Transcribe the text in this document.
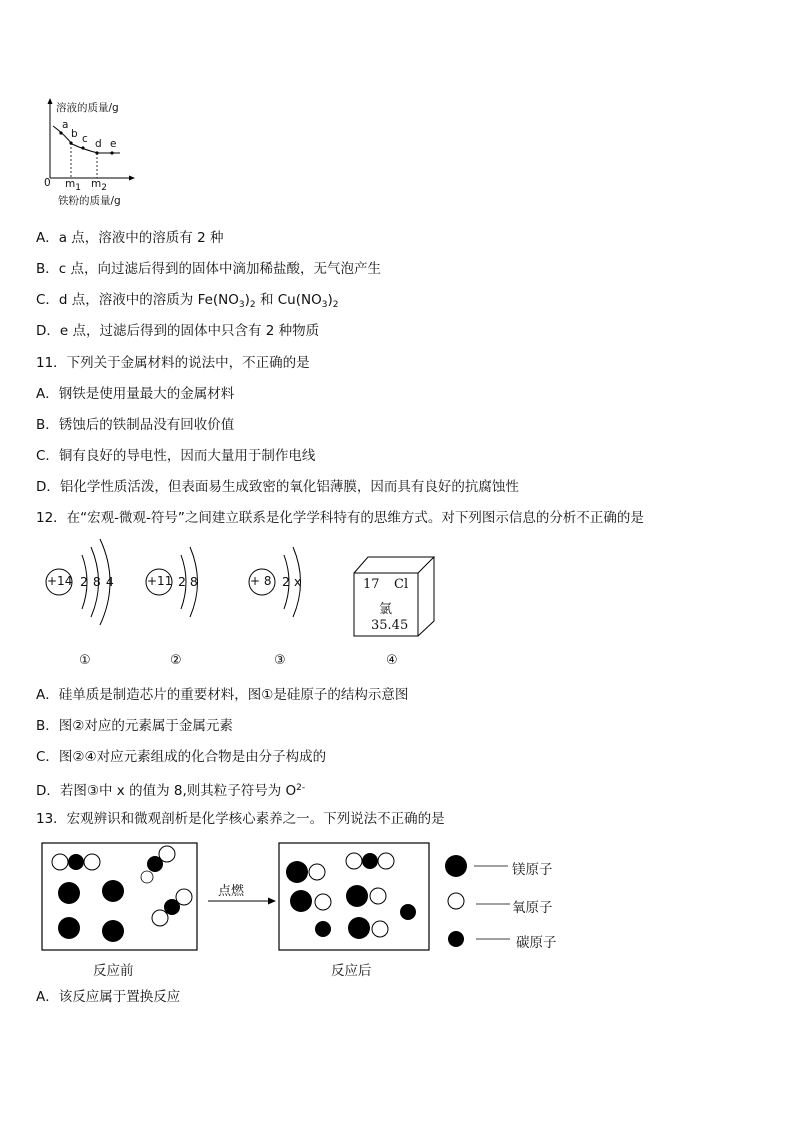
溶液的质量/g
铁粉的质量/g
0 $m_1$ $m_2$
a
b c d e
A．a 点，溶液中的溶质有 2 种
B．c 点，向过滤后得到的固体中滴加稀盐酸，无气泡产生
C．d 点，溶液中的溶质为 $Fe(NO_3)_2$ 和 $Cu(NO_3)_2$
D．e 点，过滤后得到的固体中只含有 2 种物质
11．下列关于金属材料的说法中，不正确的是
A．钢铁是使用量最大的金属材料
B．锈蚀后的铁制品没有回收价值
C．铜有良好的导电性，因而大量用于制作电线
D．铝化学性质活泼，但表面易生成致密的氧化铝薄膜，因而具有良好的抗腐蚀性
12．在“宏观-微观-符号”之间建立联系是化学学科特有的思维方式。对下列图示信息的分析不正确的是
+14 2 8 4	+11 2 8	+ 8 2 x	17 Cl
氯
35.45
①	②	③	④
A．硅单质是制造芯片的重要材料，图①是硅原子的结构示意图
B．图②对应的元素属于金属元素
C．图②④对应元素组成的化合物是由分子构成的
D．若图③中 x 的值为 8,则其粒子符号为 $O^{2-}$
13．宏观辨识和微观剖析是化学核心素养之一。下列说法不正确的是
点燃
反应前	反应后
镁原子
氧原子
碳原子
A．该反应属于置换反应
